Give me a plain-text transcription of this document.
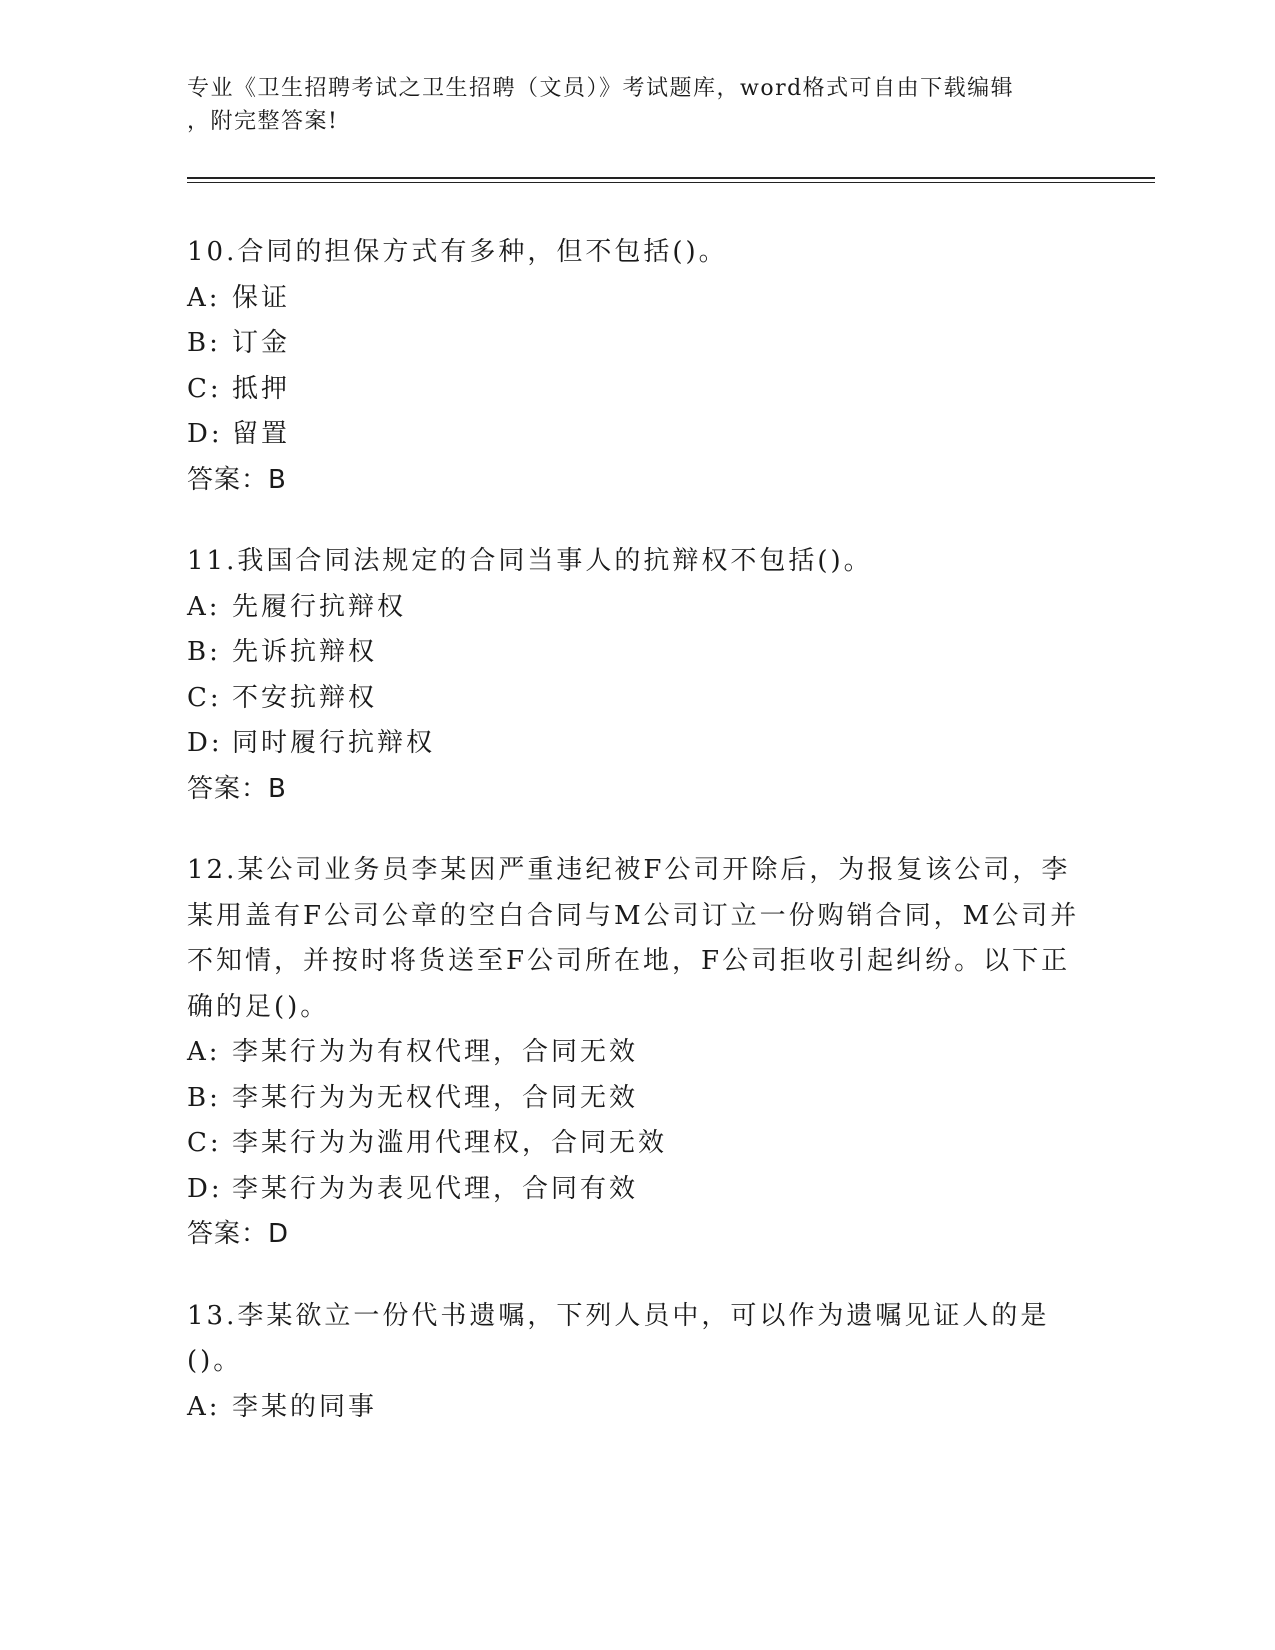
专业《卫生招聘考试之卫生招聘（文员）》考试题库，word格式可自由下载编辑
，附完整答案!

10.合同的担保方式有多种，但不包括()。

A: 保证

B: 订金

C: 抵押

D: 留置

答案：B

11.我国合同法规定的合同当事人的抗辩权不包括()。

A: 先履行抗辩权

B: 先诉抗辩权

C: 不安抗辩权

D: 同时履行抗辩权

答案：B

12.某公司业务员李某因严重违纪被F公司开除后，为报复该公司，李某用盖有F公司公章的空白合同与M公司订立一份购销合同，M公司并不知情，并按时将货送至F公司所在地，F公司拒收引起纠纷。以下正确的足()。

A: 李某行为为有权代理，合同无效

B: 李某行为为无权代理，合同无效

C: 李某行为为滥用代理权，合同无效

D: 李某行为为表见代理，合同有效

答案：D

13.李某欲立一份代书遗嘱，下列人员中，可以作为遗嘱见证人的是()。

A: 李某的同事
